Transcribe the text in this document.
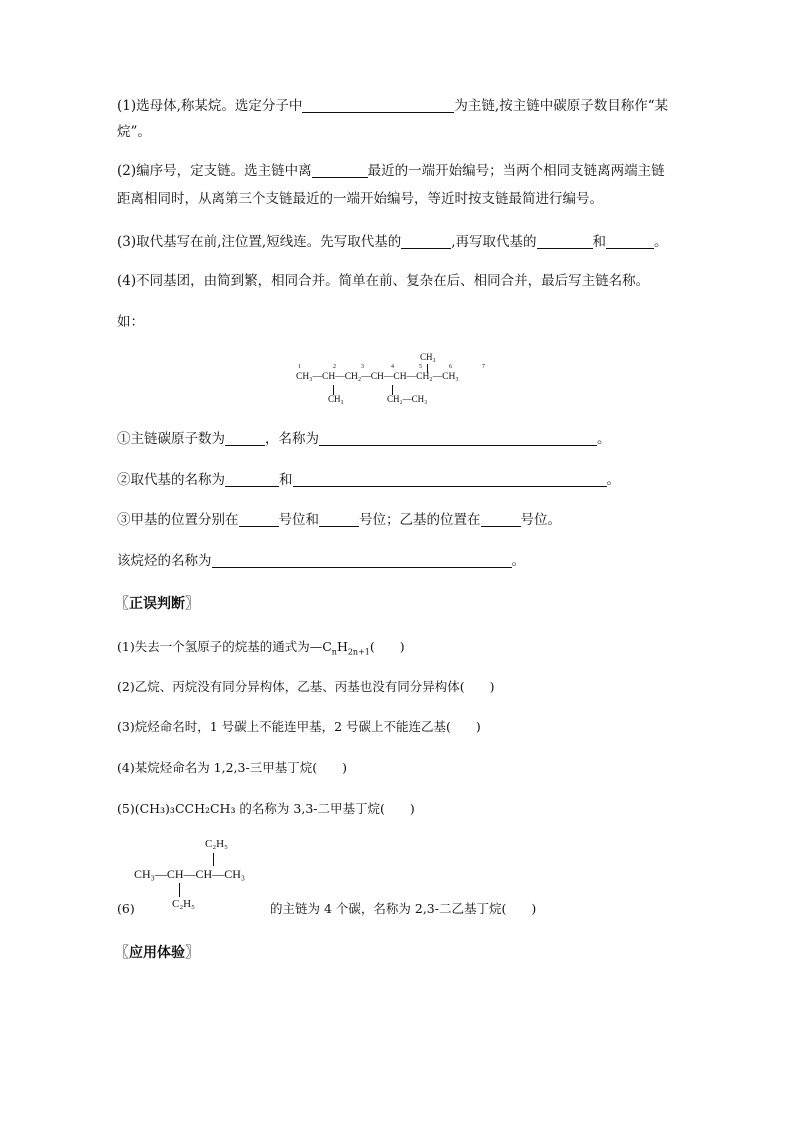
(1)选母体,称某烷。选定分子中	为主链,按主链中碳原子数目称作“某
烷”。
(2)编序号，定支链。选主链中离	最近的一端开始编号；当两个相同支链离两端主链
距离相同时，从离第三个支链最近的一端开始编号，等近时按支链最简进行编号。
(3)取代基写在前,注位置,短线连。先写取代基的	,再写取代基的	和	。
(4)不同基团，由简到繁，相同合并。简单在前、复杂在后、相同合并，最后写主链名称。
如：
1	2	3	4	5	6	7
CH₃
CH₃—CH—CH₂—CH—CH—CH₂—CH₃
CH₃	CH₂—CH₃
①主链碳原子数为	，名称为	。
②取代基的名称为	和	。
③甲基的位置分别在	号位和	号位；乙基的位置在	号位。
该烷烃的名称为	。
〖正误判断〗
(1)失去一个氢原子的烷基的通式为$—C_nH_{2n+1}$(　　)
(2)乙烷、丙烷没有同分异构体，乙基、丙基也没有同分异构体(　　)
(3)烷烃命名时，1 号碳上不能连甲基，2 号碳上不能连乙基(　　)
(4)某烷烃命名为 1,2,3-三甲基丁烷(　　)
(5)(CH₃)₃CCH₂CH₃ 的名称为 3,3-二甲基丁烷(　　)
C₂H₅
CH₃—CH—CH—CH₃
C₂H₅
(6)	的主链为 4 个碳，名称为 2,3-二乙基丁烷(　　)
〖应用体验〗
